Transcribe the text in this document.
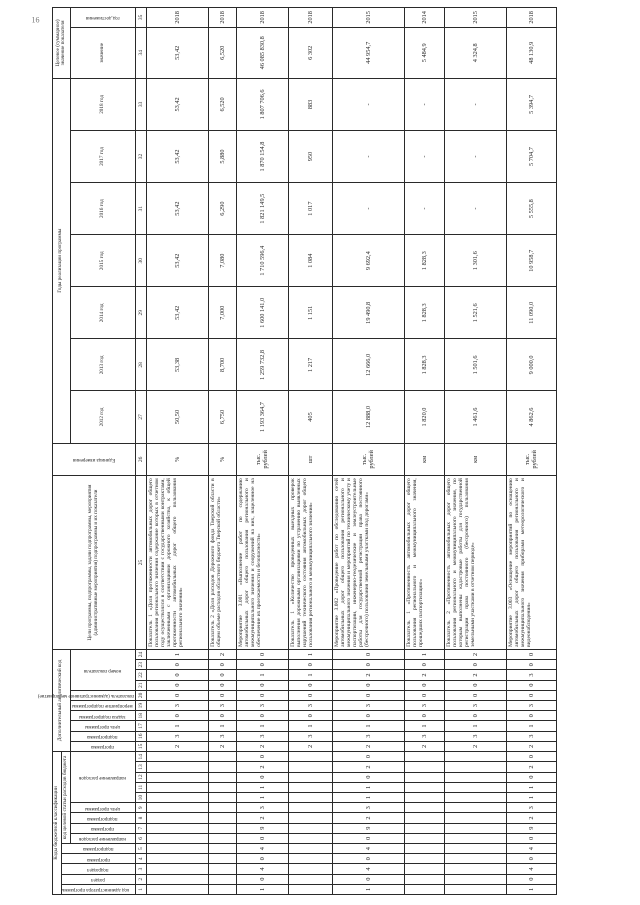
16
Коды бюджетной классификации														Дополнительный аналитический код										Цели программы, подпрограммы, задачи подпрограммы, мероприятия (административные мероприятия) подпрограммы и их показатели	Единица измерения	Годы реализации программы							Целевое (суммарное) значение показателя	

код администратора программы	раздел	подраздел	программа	подпрограмма	код целевой статьи расходов бюджета																													

					направление расходов	программа	подпрограмма	цель программы	направление расходов					программа	подпрограмма	цель программы	задача подпрограммы	мероприятие подпрограммы	показатель (административное мероприятие)	номер показателя						2012 год	2013 год	2014 год	2015 год	2016 год	2017 год	2018 год	значение	год достижения

1	2	3	4	5	6	7	8	9	10	11	12	13	14	15	16	17	18	19	20	21	22	23	24	25	26	27	28	29	30	31	32	33	34	35
														2	3	1	0	3	0	0	0	0	1	Показатель 1 «Доля протяженности автомобильных дорог общего пользования регионального значения содержание которых в отчетном году осуществлялся в соответствии с государственными контрактами, заключенными с организациями дорожного хозяйства, к общей протяженности автомобильных дорог общего пользования регионального значения»	%	50,50	53,38	53,42	53,42	53,42	53,42	53,42	53,42	2018
														2	3	1	0	3	0	0	0	0	2	Показатель 2 «Доля расходов Дорожного фонда Тверской области в общем объеме расходов областного бюджета Тверской области»	%	6,750	8,700	7,000	7,080	6,290	5,880	6,520	6,520	2018
1	0	4	0	4	0	9	2	3	1	1	0	2	0	2	3	1	0	3	0	0	1	0	0	Мероприятие 3.001 «Выполнение работ по содержанию автомобильных дорог общего пользования регионального и межмуниципального значения и сооружений на них, нацеленное на обеспечение их проезжаемости и безопасности»	тыс. рублей	1 193 364,7	1 259 732,8	1 600 141,0	1 710 596,4	1 821 149,5	1 870 154,8	1 807 706,6	46 085 830,8	2018
														2	3	1	0	3	0	0	1	0	1	Показатель 1 «Количество проведенных выездных проверок выполнения дорожными организациями по устранению выявленных нарушений технического состояния автомобильных дорог общего пользования регионального и межмуниципального значения»	шт	405	1 217	1 151	1 084	1 017	950	883	6 302	2018
1	0	4	0	4	0	9	2	3	1	1	0	2	0	2	3	1	0	3	0	0	2	0	0	Мероприятие 3.002 «Проведение работ по обследованию сетей автомобильных дорог общего пользования регионального и межмуниципального значения и мероприятий по техническому учету и паспортизации, инженерно-геодезические и землеустроительные работы для государственной регистрации права постоянного (бессрочного) пользования земельными участками под дорогами»	тыс. рублей	12 888,0	12 666,0	19 490,8	9 692,4	-	-	-	44 954,7	2015
														2	3	1	0	3	0	0	2	0	1	Показатель 1 «Протяженность автомобильных дорог общего пользования регионального и межмуниципального значения, прошедших паспортизацию»	км	1 820,0	1 828,3	1 828,3	1 828,3	-	-	-	5 484,9	2014
														2	3	1	0	3	0	0	2	0	2	Показатель 2 «Протяженность автомобильных дорог общего пользования регионального и межмуниципального значения, по которым выполнены кадастровые работы для государственной регистрации права постоянного (бессрочного) пользования земельными участками в отчетном периоде»	км	1 461,6	1 501,6	1 521,6	1 301,6	-	-	-	4 324,8	2015
1	0	4	0	4	0	9	2	3	1	1	0	2	0	2	3	1	0	3	0	0	3	0	0	Мероприятие 3.003 «Оснащение мероприятий по оснащению автомобильных дорог общего пользования регионального и межмуниципального значения приборами метеорологического и видеонаблюдения»	тыс. рублей	4 862,6	9 000,0	11 090,0	10 958,7	5 555,8	5 704,7	5 394,7	48 130,9	2018
